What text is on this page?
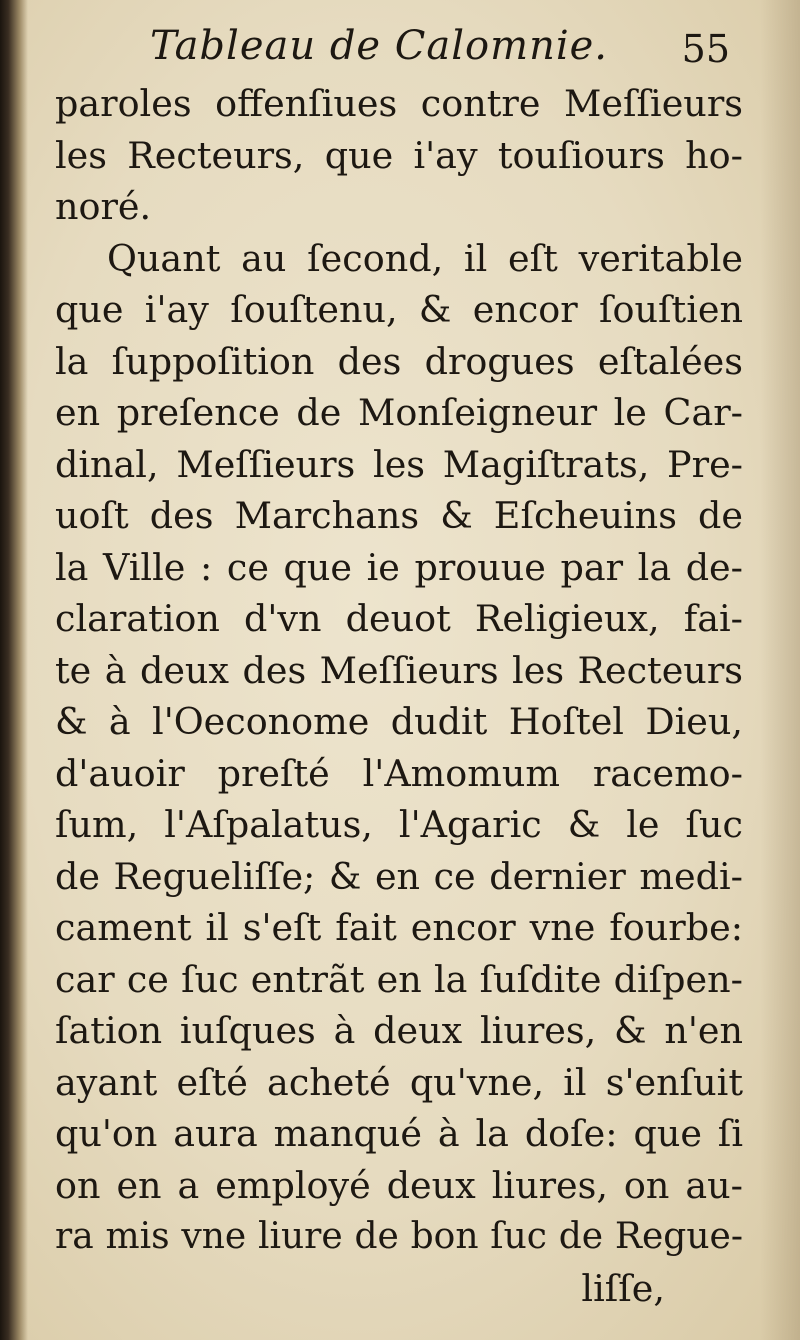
Tableau de Calomnie. 55
paroles offenſiues contre Meſſieurs
les Recteurs, que i'ay touſiours ho-
noré.
Quant au ſecond, il eſt veritable
que i'ay ſouſtenu, & encor ſouſtien
la ſuppoſition des drogues eſtalées
en preſence de Monſeigneur le Car-
dinal, Meſſieurs les Magiſtrats, Pre-
uoſt des Marchans & Eſcheuins de
la Ville : ce que ie prouue par la de-
claration d'vn deuot Religieux, fai-
te à deux des Meſſieurs les Recteurs
& à l'Oeconome dudit Hoſtel Dieu,
d'auoir preſté l'Amomum racemo-
ſum, l'Aſpalatus, l'Agaric & le ſuc
de Regueliſſe; & en ce dernier medi-
cament il s'eſt fait encor vne fourbe:
car ce ſuc entrãt en la ſuſdite diſpen-
ſation iuſques à deux liures, & n'en
ayant eſté acheté qu'vne, il s'enſuit
qu'on aura manqué à la doſe: que ſi
on en a employé deux liures, on au-
ra mis vne liure de bon ſuc de Regue-
liſſe,
